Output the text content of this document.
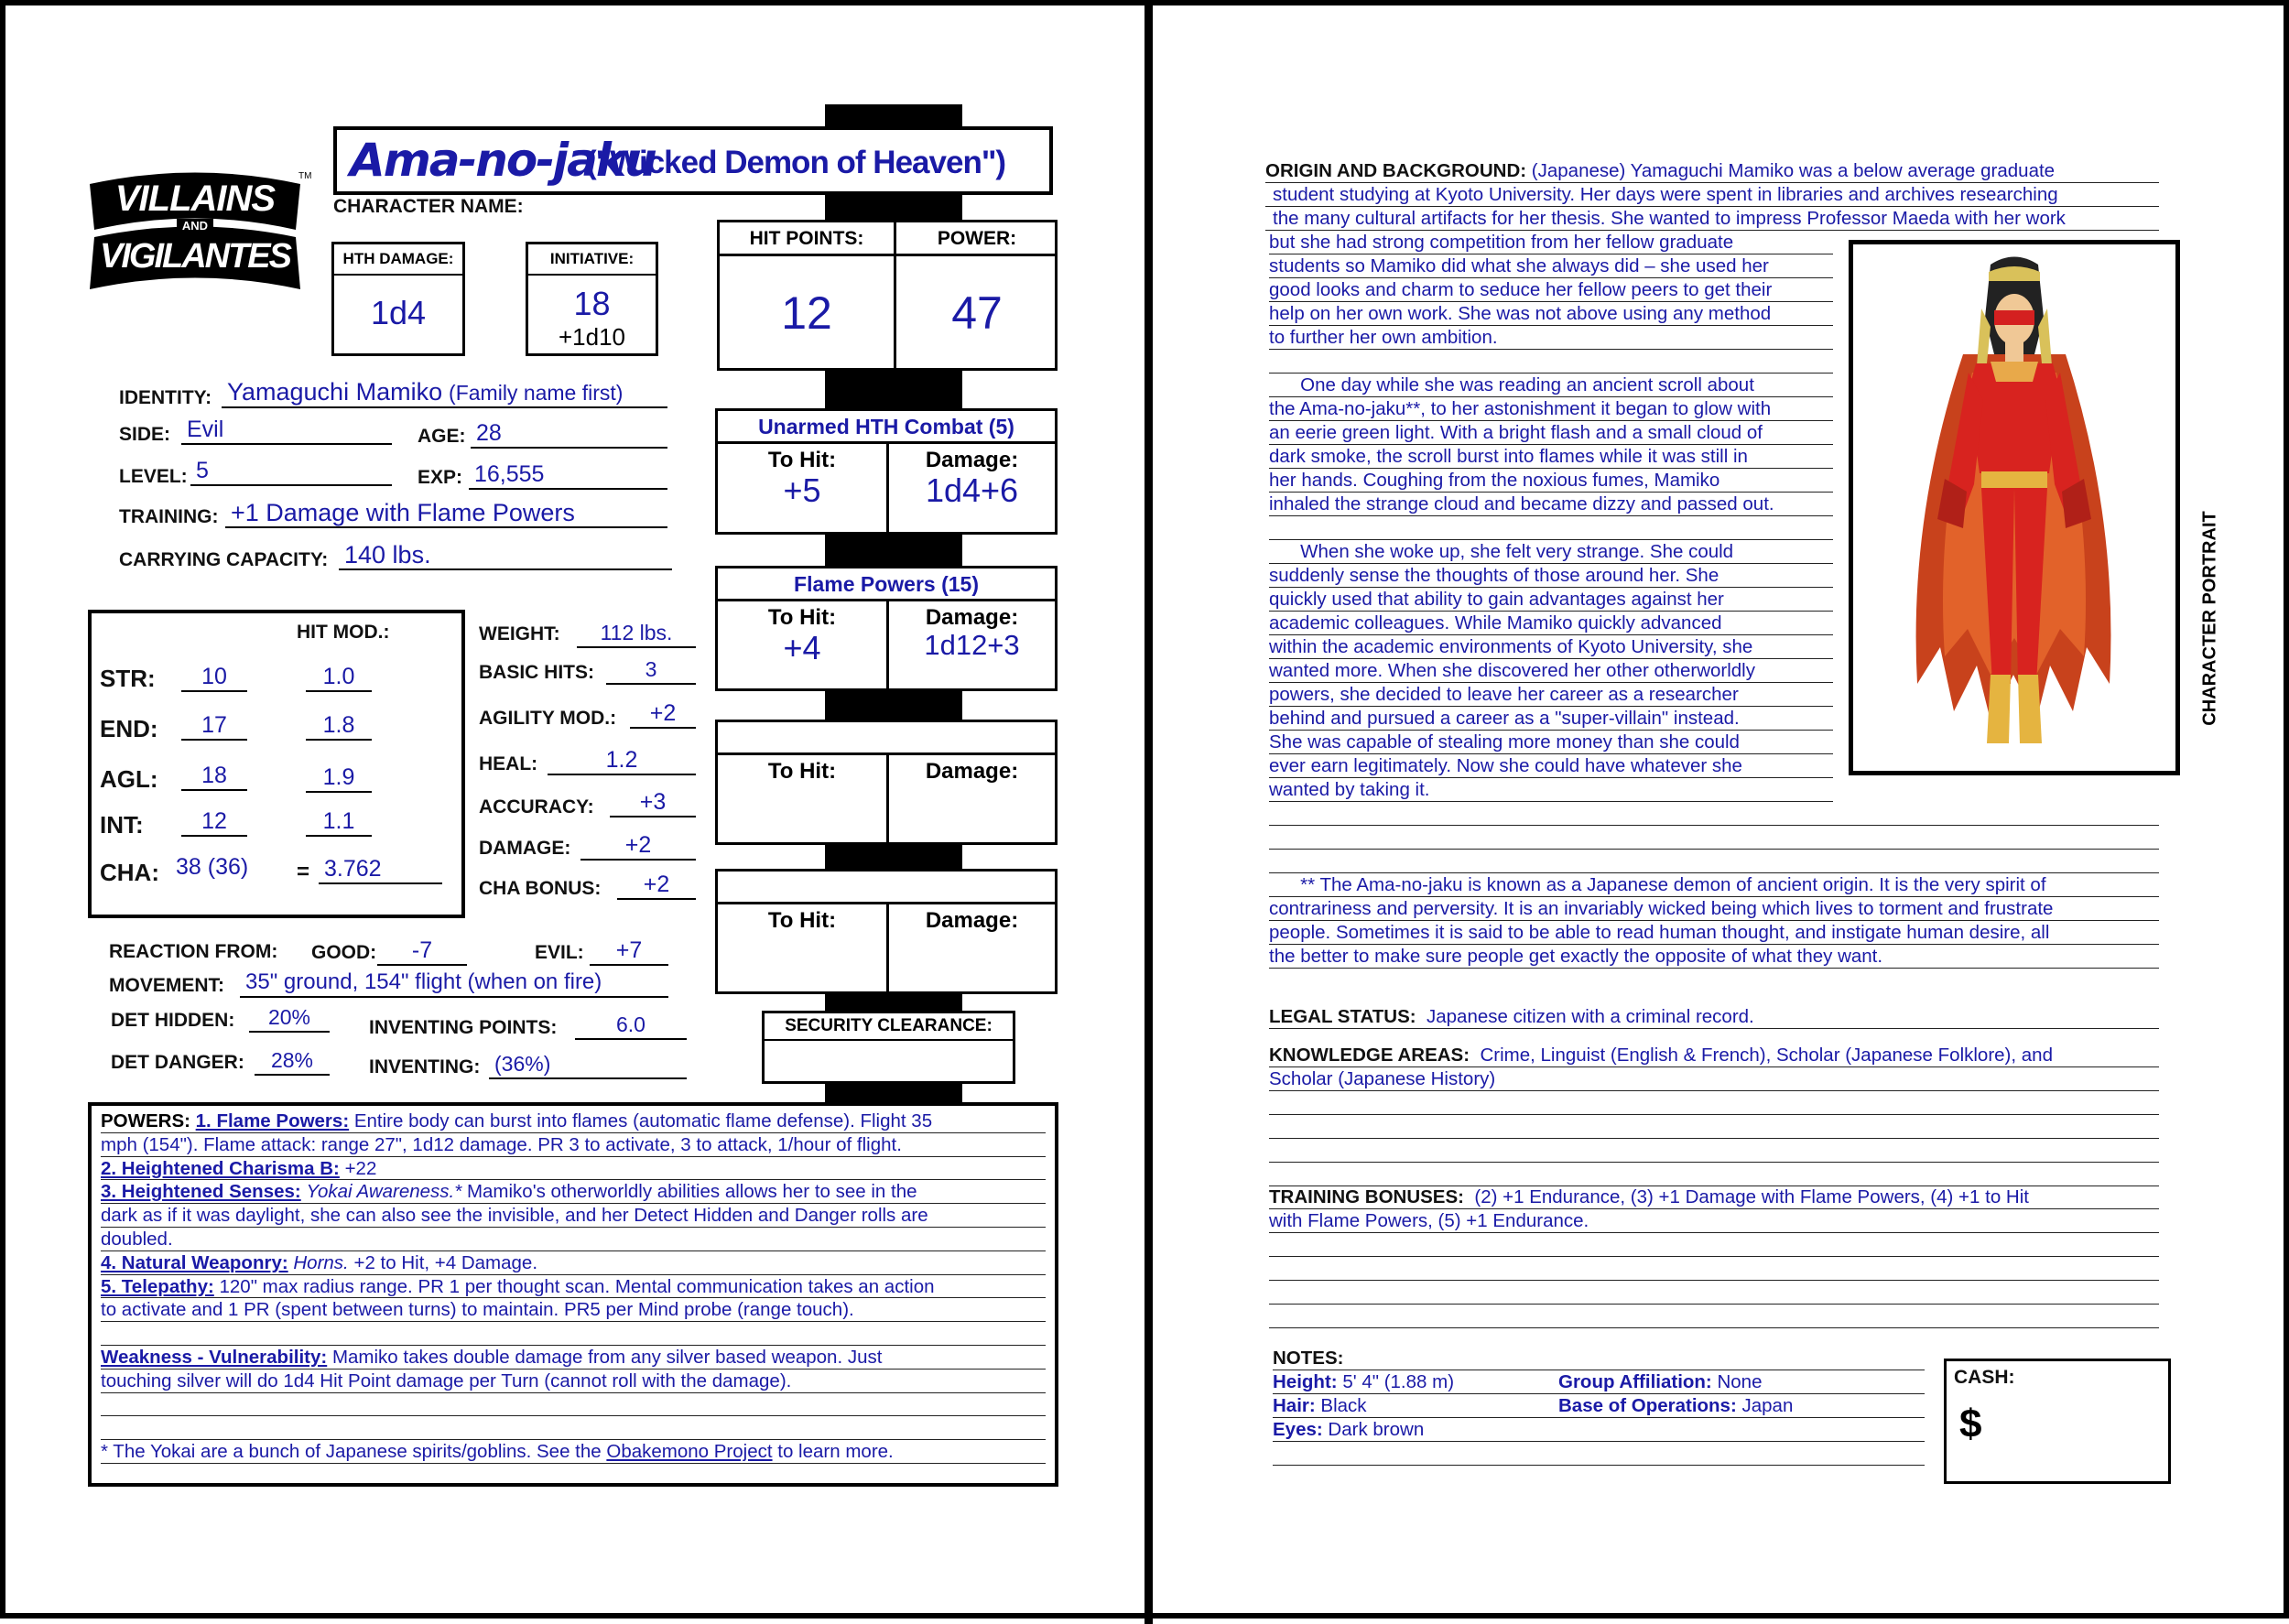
VILLAINS
AND
VIGILANTES
TM Ama-no-jaku
("Wicked Demon of Heaven")
CHARACTER NAME:
HTH DAMAGE:
1d4
INITIATIVE:
18
+1d10
HIT POINTS:	POWER:
12	47
IDENTITY: Yamaguchi Mamiko (Family name first)
SIDE: Evil	AGE: 28
LEVEL: 5	EXP: 16,555
TRAINING: +1 Damage with Flame Powers
CARRYING CAPACITY: 140 lbs.
HIT MOD.:
STR:	10	1.0
END:	17	1.8
AGL:	18	1.9
INT:	12	1.1
CHA: 38 (36)	= 3.762
WEIGHT:	112 lbs.
BASIC HITS:	3
AGILITY MOD.:	+2
HEAL:	1.2
ACCURACY:	+3
DAMAGE:	+2
CHA BONUS:	+2
REACTION FROM: GOOD:	-7	EVIL:	+7
MOVEMENT: 35" ground, 154" flight (when on fire)
DET HIDDEN:	20%	INVENTING POINTS:	6.0
DET DANGER:	28%	INVENTING: (36%)
Unarmed HTH Combat (5)
To Hit:
+5
Damage:
1d4+6
Flame Powers (15)
To Hit:
+4
Damage:
1d12+3
To Hit:	Damage:
To Hit:	Damage:
SECURITY CLEARANCE:
POWERS: 1. Flame Powers: Entire body can burst into flames (automatic flame defense). Flight 35
mph (154"). Flame attack: range 27", 1d12 damage. PR 3 to activate, 3 to attack, 1/hour of flight.
2. Heightened Charisma B: +22
3. Heightened Senses: Yokai Awareness.* Mamiko's otherworldly abilities allows her to see in the
dark as if it was daylight, she can also see the invisible, and her Detect Hidden and Danger rolls are
doubled.
4. Natural Weaponry: Horns. +2 to Hit, +4 Damage.
5. Telepathy: 120" max radius range. PR 1 per thought scan. Mental communication takes an action
to activate and 1 PR (spent between turns) to maintain. PR5 per Mind probe (range touch).
Weakness - Vulnerability: Mamiko takes double damage from any silver based weapon. Just
touching silver will do 1d4 Hit Point damage per Turn (cannot roll with the damage).
* The Yokai are a bunch of Japanese spirits/goblins. See the Obakemono Project to learn more.
ORIGIN AND BACKGROUND: (Japanese) Yamaguchi Mamiko was a below average graduate
student studying at Kyoto University. Her days were spent in libraries and archives researching
the many cultural artifacts for her thesis. She wanted to impress Professor Maeda with her work
but she had strong competition from her fellow graduate
students so Mamiko did what she always did – she used her
good looks and charm to seduce her fellow peers to get their
help on her own work. She was not above using any method
to further her own ambition.
One day while she was reading an ancient scroll about
the Ama-no-jaku**, to her astonishment it began to glow with
an eerie green light. With a bright flash and a small cloud of
dark smoke, the scroll burst into flames while it was still in
her hands. Coughing from the noxious fumes, Mamiko
inhaled the strange cloud and became dizzy and passed out.
When she woke up, she felt very strange. She could
suddenly sense the thoughts of those around her. She
quickly used that ability to gain advantages against her
academic colleagues. While Mamiko quickly advanced
within the academic environments of Kyoto University, she
wanted more. When she discovered her other otherworldly
powers, she decided to leave her career as a researcher
behind and pursued a career as a "super-villain" instead.
She was capable of stealing more money than she could
ever earn legitimately. Now she could have whatever she
wanted by taking it.
** The Ama-no-jaku is known as a Japanese demon of ancient origin. It is the very spirit of
contrariness and perversity. It is an invariably wicked being which lives to torment and frustrate
people. Sometimes it is said to be able to read human thought, and instigate human desire, all
the better to make sure people get exactly the opposite of what they want.
CHARACTER PORTRAIT
LEGAL STATUS: Japanese citizen with a criminal record.
KNOWLEDGE AREAS: Crime, Linguist (English & French), Scholar (Japanese Folklore), and
Scholar (Japanese History)
TRAINING BONUSES: (2) +1 Endurance, (3) +1 Damage with Flame Powers, (4) +1 to Hit
with Flame Powers, (5) +1 Endurance.
NOTES:
Height: 5' 4" (1.88 m)	Group Affiliation: None
Hair: Black	Base of Operations: Japan
Eyes: Dark brown
CASH:
$
